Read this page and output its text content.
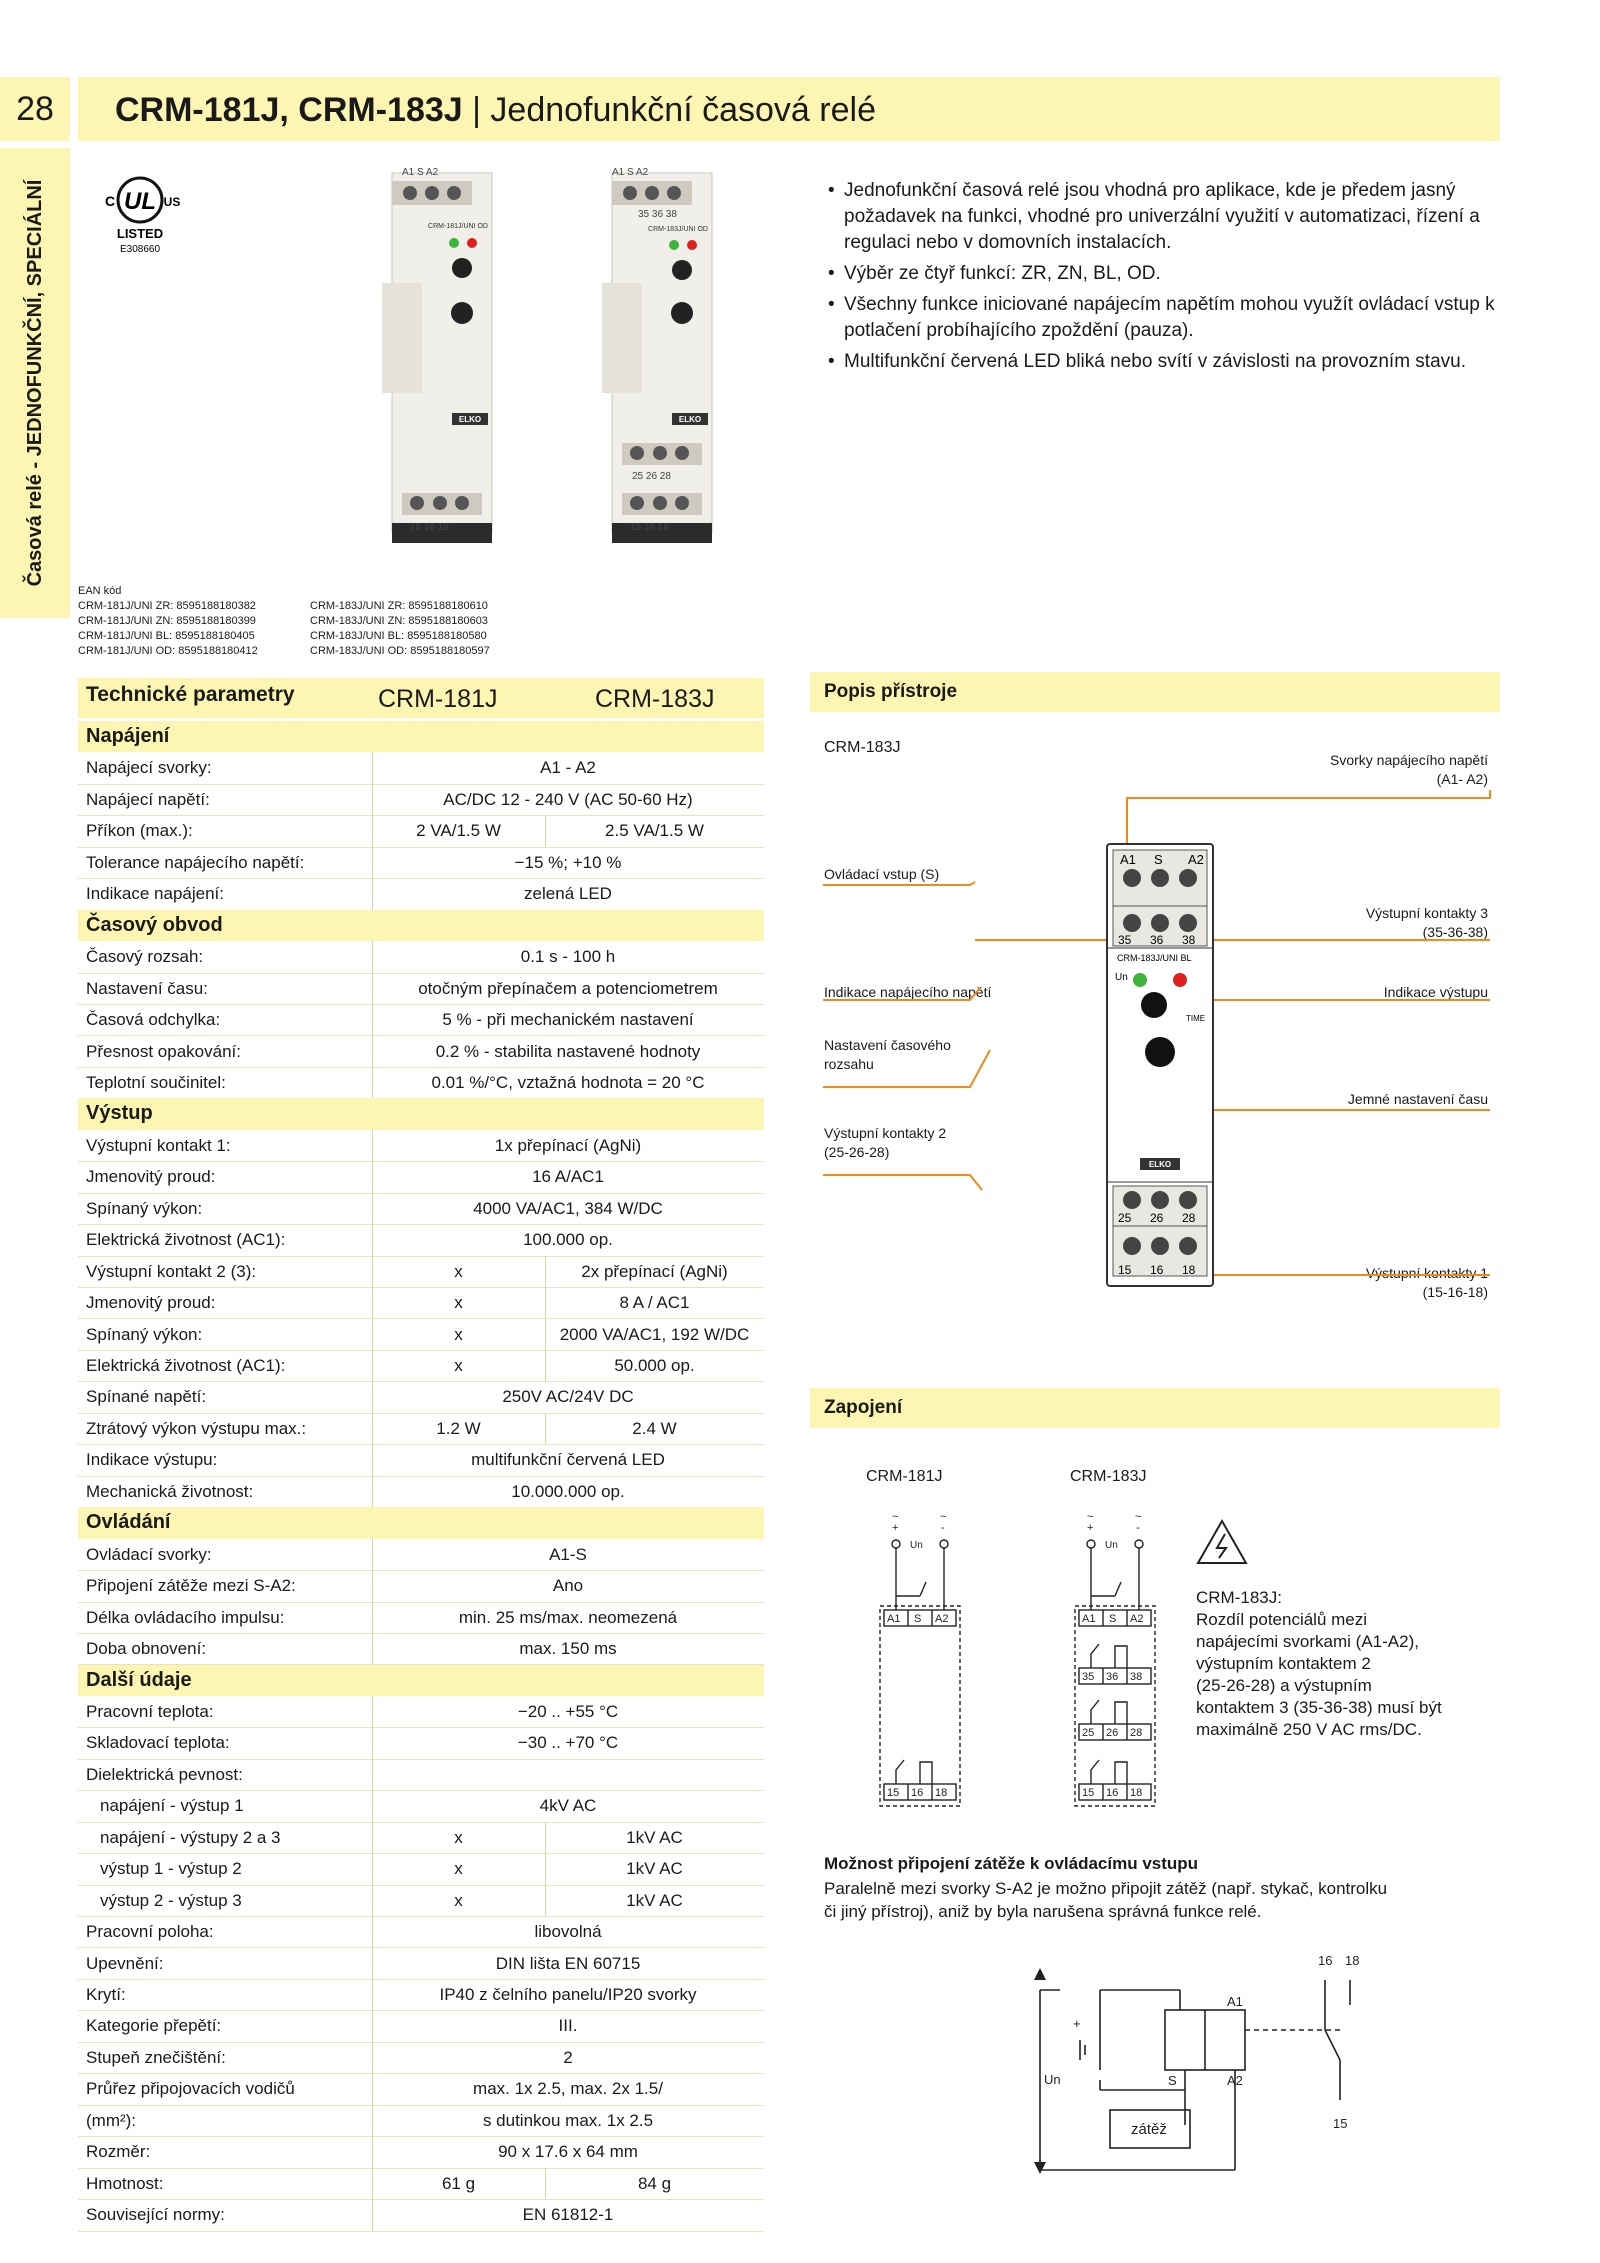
28	CRM-181J, CRM-183J | Jednofunkční časová relé
Časová relé - JEDNOFUNKČNÍ, SPECIÁLNÍ	UL
C	US
LISTED
E308660
A1 S A2
CRM-181J/UNI OD
ELKO
15 16 18
A1 S A2
35 36 38
CRM-183J/UNI OD
ELKO
25 26 28
15 16 18
• Jednofunkční časová relé jsou vhodná pro aplikace, kde je předem jasný požadavek na funkci, vhodné pro univerzální využití v automatizaci, řízení a regulaci nebo v domovních instalacích.
• Výběr ze čtyř funkcí: ZR, ZN, BL, OD.
• Všechny funkce iniciované napájecím napětím mohou využít ovládací vstup k potlačení probíhajícího zpoždění (pauza).
• Multifunkční červená LED bliká nebo svítí v závislosti na provozním stavu.
EAN kód
CRM-181J/UNI ZR: 8595188180382
CRM-181J/UNI ZN: 8595188180399
CRM-181J/UNI BL: 8595188180405
CRM-181J/UNI OD: 8595188180412
CRM-183J/UNI ZR: 8595188180610
CRM-183J/UNI ZN: 8595188180603
CRM-183J/UNI BL: 8595188180580
CRM-183J/UNI OD: 8595188180597
Technické parametry	CRM-181J	CRM-183J
Napájení
Napájecí svorky:	A1 - A2
Napájecí napětí:	AC/DC 12 - 240 V (AC 50-60 Hz)
Příkon (max.):	2 VA/1.5 W	2.5 VA/1.5 W
Tolerance napájecího napětí:	−15 %; +10 %
Indikace napájení:	zelená LED
Časový obvod
Časový rozsah:	0.1 s - 100 h
Nastavení času:	otočným přepínačem a potenciometrem
Časová odchylka:	5 % - při mechanickém nastavení
Přesnost opakování:	0.2 % - stabilita nastavené hodnoty
Teplotní součinitel:	0.01 %/°C, vztažná hodnota = 20 °C
Výstup
Výstupní kontakt 1:	1x přepínací (AgNi)
Jmenovitý proud:	16 A/AC1
Spínaný výkon:	4000 VA/AC1, 384 W/DC
Elektrická životnost (AC1):	100.000 op.
Výstupní kontakt 2 (3):	x	2x přepínací (AgNi)
Jmenovitý proud:	x	8 A / AC1
Spínaný výkon:	x	2000 VA/AC1, 192 W/DC
Elektrická životnost (AC1):	x	50.000 op.
Spínané napětí:	250V AC/24V DC
Ztrátový výkon výstupu max.:	1.2 W	2.4 W
Indikace výstupu:	multifunkční červená LED
Mechanická životnost:	10.000.000 op.
Ovládání
Ovládací svorky:	A1-S
Připojení zátěže mezi S-A2:	Ano
Délka ovládacího impulsu:	min. 25 ms/max. neomezená
Doba obnovení:	max. 150 ms
Další údaje
Pracovní teplota:	−20 .. +55 °C
Skladovací teplota:	−30 .. +70 °C
Dielektrická pevnost:
napájení - výstup 1	4kV AC
napájení - výstupy 2 a 3	x	1kV AC
výstup 1 - výstup 2	x	1kV AC
výstup 2 - výstup 3	x	1kV AC
Pracovní poloha:	libovolná
Upevnění:	DIN lišta EN 60715
Krytí:	IP40 z čelního panelu/IP20 svorky
Kategorie přepětí:	III.
Stupeň znečištění:	2
Průřez připojovacích vodičů	max. 1x 2.5, max. 2x 1.5/
(mm²):	s dutinkou max. 1x 2.5
Rozměr:	90 x 17.6 x 64 mm
Hmotnost:	61 g	84 g
Související normy:	EN 61812-1
Popis přístroje
CRM-183J
Svorky napájecího napětí
(A1- A2)
Ovládací vstup (S)
Výstupní kontakty 3
(35-36-38)
Indikace napájecího napětí	Indikace výstupu
Nastavení časového
rozsahu
Jemné nastavení času
Výstupní kontakty 2
(25-26-28)
Výstupní kontakty 1
(15-16-18)
A1 S A2
35 36 38
CRM-183J/UNI BL
Un
TIME
ELKO
25 26 28
15 16 18
Zapojení
CRM-181J	CRM-183J
~
+
~
-
Un
~
+
~
-
Un
A1 S A2
15 16 18
A1 S A2
35 36 38
25 26 28
15 16 18
CRM-183J:
Rozdíl potenciálů mezi
napájecími svorkami (A1-A2),
výstupním kontaktem 2
(25-26-28) a výstupním
kontaktem 3 (35-36-38) musí být
maximálně 250 V AC rms/DC.
Možnost připojení zátěže k ovládacímu vstupu
Paralelně mezi svorky S-A2 je možno připojit zátěž (např. stykač, kontrolku
či jiný přístroj), aniž by byla narušena správná funkce relé.
16 18
A1
S	A2
Un
+
zátěž	15
